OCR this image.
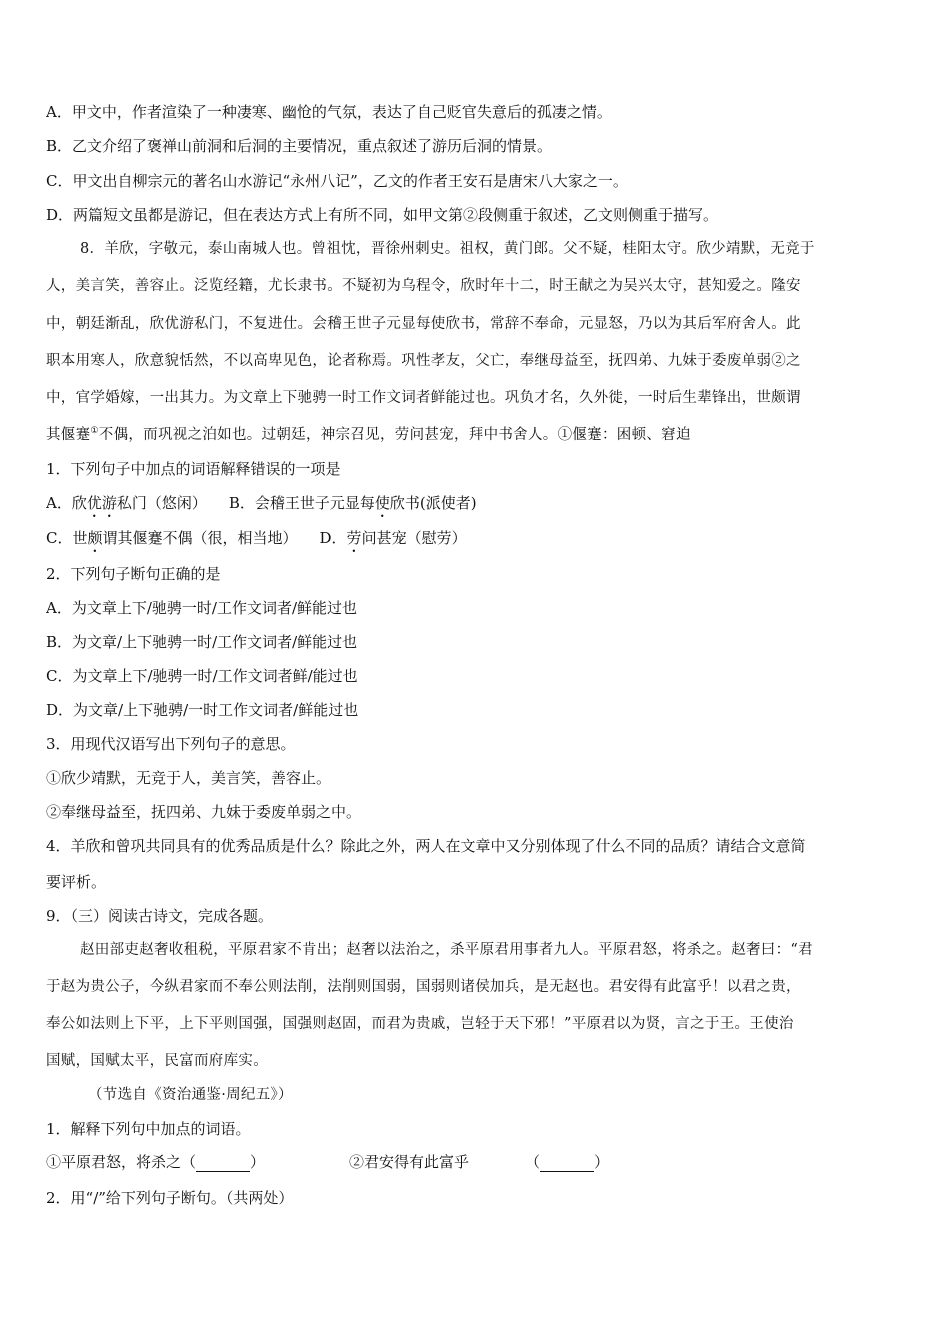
A．甲文中，作者渲染了一种凄寒、幽怆的气氛，表达了自己贬官失意后的孤凄之情。
B．乙文介绍了褒禅山前洞和后洞的主要情况，重点叙述了游历后洞的情景。
C．甲文出自柳宗元的著名山水游记“永州八记”，乙文的作者王安石是唐宋八大家之一。
D．两篇短文虽都是游记，但在表达方式上有所不同，如甲文第②段侧重于叙述，乙文则侧重于描写。
8．羊欣，字敬元，泰山南城人也。曾祖忱，晋徐州刺史。祖权，黄门郎。父不疑，桂阳太守。欣少靖默，无竞于
人，美言笑，善容止。泛览经籍，尤长隶书。不疑初为乌程令，欣时年十二，时王献之为吴兴太守，甚知爱之。隆安
中，朝廷渐乱，欣优游私门，不复进仕。会稽王世子元显每使欣书，常辞不奉命，元显怒，乃以为其后军府舍人。此
职本用寒人，欣意貌恬然，不以高卑见色，论者称焉。巩性孝友，父亡，奉继母益至，抚四弟、九妹于委废单弱②之
中，官学婚嫁，一出其力。为文章上下驰骋一时工作文词者鲜能过也。巩负才名，久外徙，一时后生辈锋出，世颇谓
其偃蹇①不偶，而巩视之泊如也。过朝廷，神宗召见，劳问甚宠，拜中书舍人。①偃蹇：困顿、窘迫
1．下列句子中加点的词语解释错误的一项是
A．欣优游私门（悠闲） B．会稽王世子元显每使欣书(派使者)
C．世颇谓其偃蹇不偶（很，相当地） D．劳问甚宠（慰劳）
2．下列句子断句正确的是
A．为文章上下/驰骋一时/工作文词者/鲜能过也
B．为文章/上下驰骋一时/工作文词者/鲜能过也
C．为文章上下/驰骋一时/工作文词者鲜/能过也
D．为文章/上下驰骋/一时工作文词者/鲜能过也
3．用现代汉语写出下列句子的意思。
①欣少靖默，无竞于人，美言笑，善容止。
②奉继母益至，抚四弟、九妹于委废单弱之中。
4．羊欣和曾巩共同具有的优秀品质是什么？除此之外，两人在文章中又分别体现了什么不同的品质？请结合文意简
要评析。
9．（三）阅读古诗文，完成各题。
赵田部吏赵奢收租税，平原君家不肯出；赵奢以法治之，杀平原君用事者九人。平原君怒，将杀之。赵奢曰：“君
于赵为贵公子，今纵君家而不奉公则法削，法削则国弱，国弱则诸侯加兵，是无赵也。君安得有此富乎！以君之贵，
奉公如法则上下平，上下平则国强，国强则赵固，而君为贵戚，岂轻于天下邪！”平原君以为贤，言之于王。王使治
国赋，国赋太平，民富而府库实。
（节选自《资治通鉴·周纪五》）
1．解释下列句中加点的词语。
①平原君怒，将杀之（	）	②君安得有此富乎	（	）
2．用“/”给下列句子断句。（共两处）
